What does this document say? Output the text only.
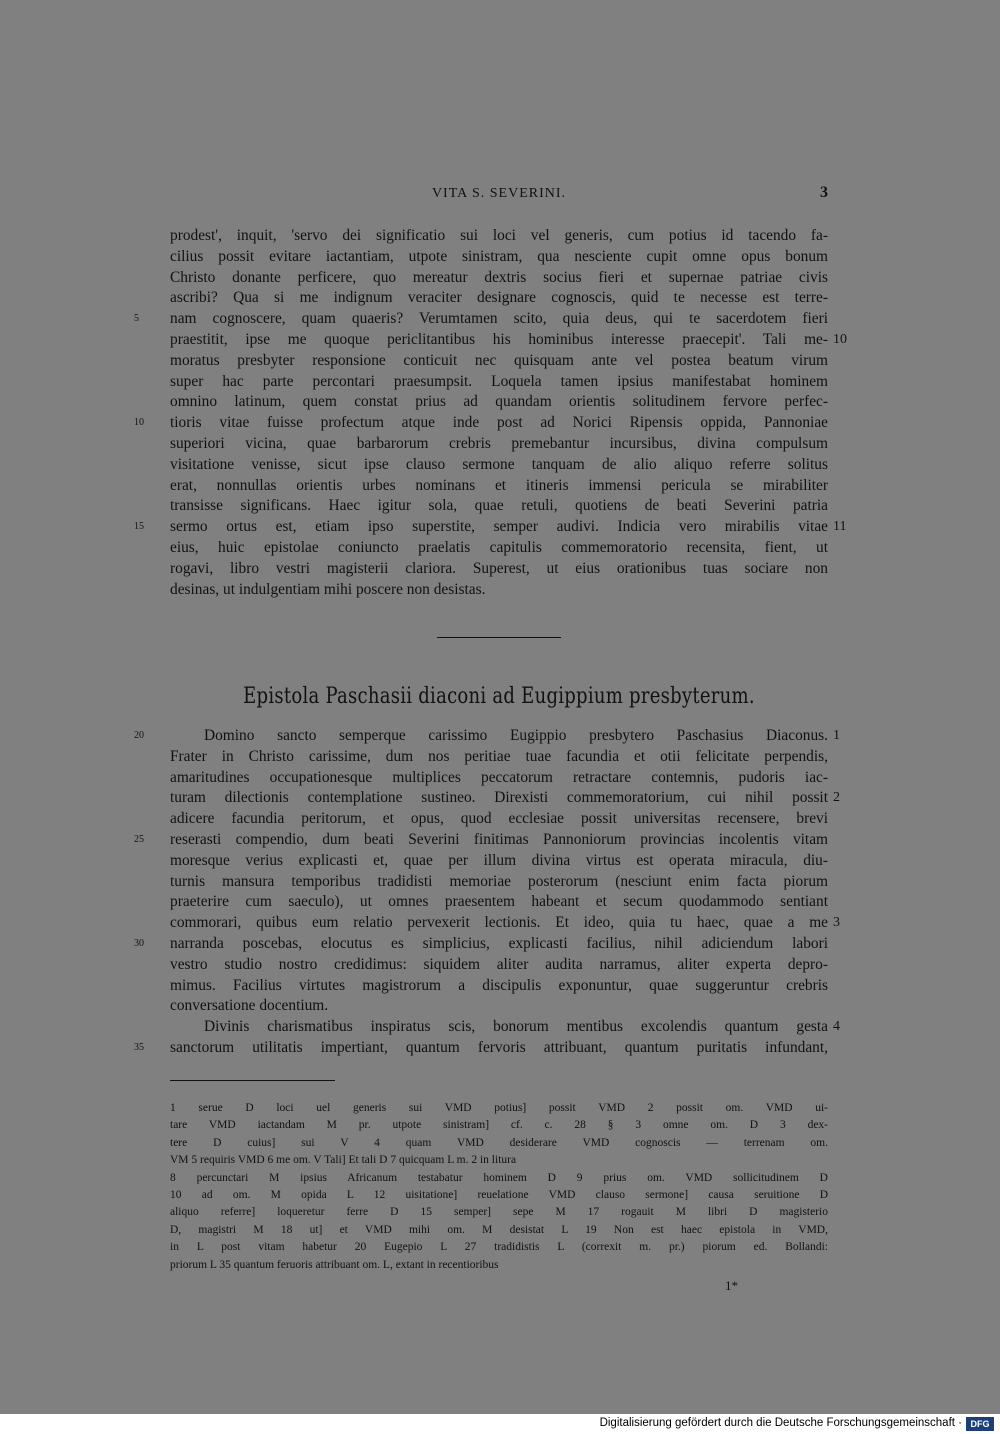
VITA S. SEVERINI.	3
prodest', inquit, 'servo dei significatio sui loci vel generis, cum potius id tacendo fa-
cilius possit evitare iactantiam, utpote sinistram, qua nesciente cupit omne opus bonum
Christo donante perficere, quo mereatur dextris socius fieri et supernae patriae civis
ascribi? Qua si me indignum veraciter designare cognoscis, quid te necesse est terre-
5	nam cognoscere, quam quaeris? Verumtamen scito, quia deus, qui te sacerdotem fieri
praestitit, ipse me quoque periclitantibus his hominibus interesse praecepit'. Tali me- 10
moratus presbyter responsione conticuit nec quisquam ante vel postea beatum virum
super hac parte percontari praesumpsit. Loquela tamen ipsius manifestabat hominem
omnino latinum, quem constat prius ad quandam orientis solitudinem fervore perfec-
10	tioris vitae fuisse profectum atque inde post ad Norici Ripensis oppida, Pannoniae
superiori vicina, quae barbarorum crebris premebantur incursibus, divina compulsum
visitatione venisse, sicut ipse clauso sermone tanquam de alio aliquo referre solitus
erat, nonnullas orientis urbes nominans et itineris immensi pericula se mirabiliter
transisse significans. Haec igitur sola, quae retuli, quotiens de beati Severini patria
15	sermo ortus est, etiam ipso superstite, semper audivi. Indicia vero mirabilis vitae 11
eius, huic epistolae coniuncto praelatis capitulis commemoratorio recensita, fient, ut
rogavi, libro vestri magisterii clariora. Superest, ut eius orationibus tuas sociare non
desinas, ut indulgentiam mihi poscere non desistas.
Epistola Paschasii diaconi ad Eugippium presbyterum.
20	Domino sancto semperque carissimo Eugippio presbytero Paschasius Diaconus. 1
Frater in Christo carissime, dum nos peritiae tuae facundia et otii felicitate perpendis,
amaritudines occupationesque multiplices peccatorum retractare contemnis, pudoris iac-
turam dilectionis contemplatione sustineo. Direxisti commemoratorium, cui nihil possit 2
adicere facundia peritorum, et opus, quod ecclesiae possit universitas recensere, brevi
25	reserasti compendio, dum beati Severini finitimas Pannoniorum provincias incolentis vitam
moresque verius explicasti et, quae per illum divina virtus est operata miracula, diu-
turnis mansura temporibus tradidisti memoriae posterorum (nesciunt enim facta piorum
praeterire cum saeculo), ut omnes praesentem habeant et secum quodammodo sentiant
commorari, quibus eum relatio pervexerit lectionis. Et ideo, quia tu haec, quae a me 3
30	narranda poscebas, elocutus es simplicius, explicasti facilius, nihil adiciendum labori
vestro studio nostro credidimus: siquidem aliter audita narramus, aliter experta depro-
mimus. Facilius virtutes magistrorum a discipulis exponuntur, quae suggeruntur crebris
conversatione docentium.
Divinis charismatibus inspiratus scis, bonorum mentibus excolendis quantum gesta 4
35	sanctorum utilitatis impertiant, quantum fervoris attribuant, quantum puritatis infundant,
1 serue D loci uel generis sui VMD potius] possit VMD 2 possit om. VMD ui-
tare VMD iactandam M pr. utpote sinistram] cf. c. 28 § 3 omne om. D 3 dex-
tere D cuius] sui V 4 quam VMD desiderare VMD cognoscis — terrenam om.
VM 5 requiris VMD 6 me om. V Tali] Et tali D 7 quicquam L m. 2 in litura
8 percunctari M ipsius Africanum testabatur hominem D 9 prius om. VMD sollicitudinem D
10 ad om. M opida L 12 uisitatione] reuelatione VMD clauso sermone] causa seruitione D
aliquo referre] loqueretur ferre D 15 semper] sepe M 17 rogauit M libri D magisterio
D, magistri M 18 ut] et VMD mihi om. M desistat L 19 Non est haec epistola in VMD,
in L post vitam habetur 20 Eugepio L 27 tradidistis L (correxit m. pr.) piorum ed. Bollandi:
priorum L 35 quantum feruoris attribuant om. L, extant in recentioribus
1*
Digitalisierung gefördert durch die Deutsche Forschungsgemeinschaft · DFG
